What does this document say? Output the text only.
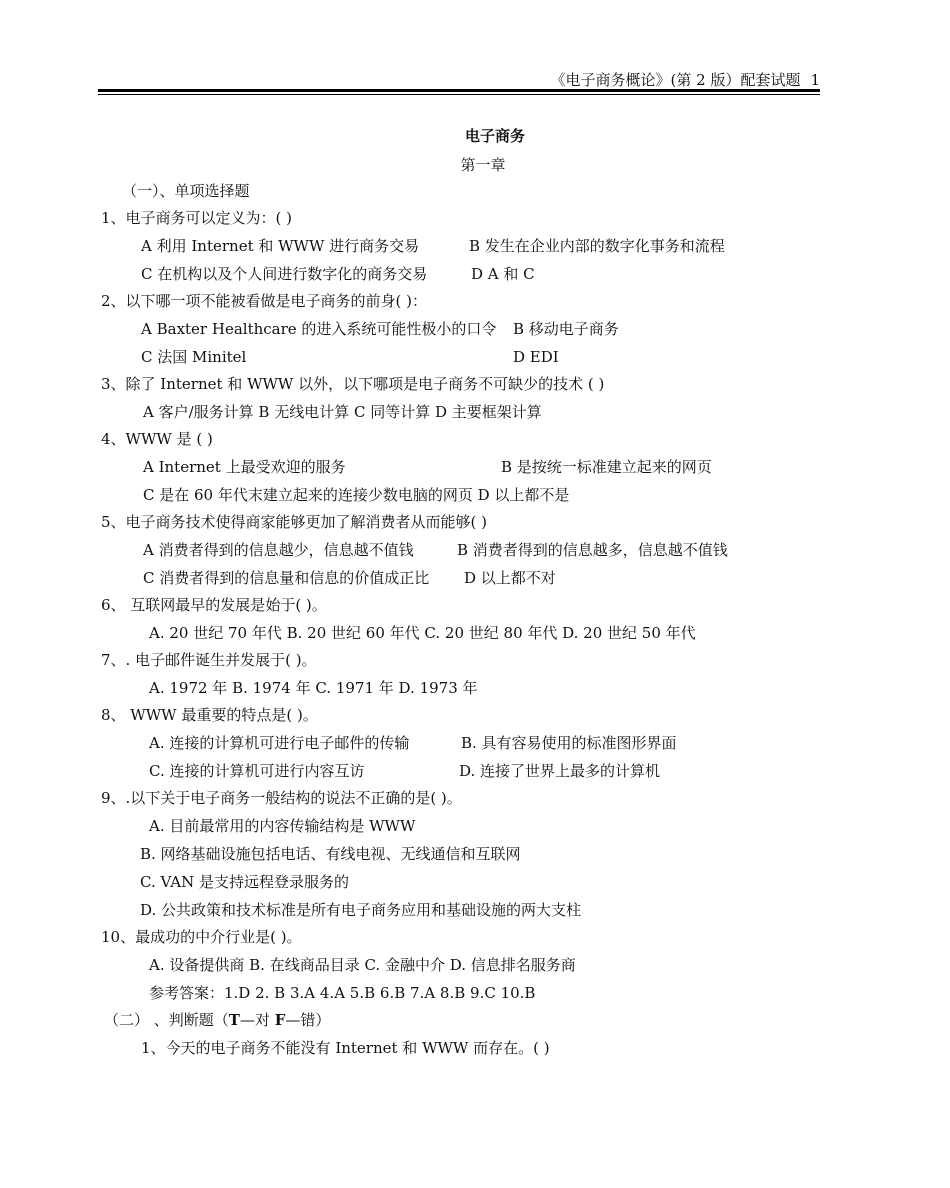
《电子商务概论》(第 2 版）配套试题 1
电子商务
第一章
（一）、单项选择题
1、电子商务可以定义为：( )
A 利用 Internet 和 WWW 进行商务交易	B 发生在企业内部的数字化事务和流程
C 在机构以及个人间进行数字化的商务交易	D A 和 C
2、以下哪一项不能被看做是电子商务的前身( )：
A Baxter Healthcare 的进入系统可能性极小的口令 B 移动电子商务
C 法国 Minitel	D EDI
3、除了 Internet 和 WWW 以外，以下哪项是电子商务不可缺少的技术 ( )
A 客户/服务计算 B 无线电计算 C 同等计算 D 主要框架计算
4、WWW 是 ( )
A Internet 上最受欢迎的服务	B 是按统一标准建立起来的网页
C 是在 60 年代末建立起来的连接少数电脑的网页 D 以上都不是
5、电子商务技术使得商家能够更加了解消费者从而能够( )
A 消费者得到的信息越少，信息越不值钱	B 消费者得到的信息越多，信息越不值钱
C 消费者得到的信息量和信息的价值成正比 D 以上都不对
6、 互联网最早的发展是始于( )。
A. 20 世纪 70 年代 B. 20 世纪 60 年代 C. 20 世纪 80 年代 D. 20 世纪 50 年代
7、. 电子邮件诞生并发展于( )。
A. 1972 年 B. 1974 年 C. 1971 年 D. 1973 年
8、 WWW 最重要的特点是( )。
A. 连接的计算机可进行电子邮件的传输	B. 具有容易使用的标准图形界面
C. 连接的计算机可进行内容互访	D. 连接了世界上最多的计算机
9、.以下关于电子商务一般结构的说法不正确的是( )。
A. 目前最常用的内容传输结构是 WWW
B. 网络基础设施包括电话、有线电视、无线通信和互联网
C. VAN 是支持远程登录服务的
D. 公共政策和技术标准是所有电子商务应用和基础设施的两大支柱
10、最成功的中介行业是( )。
A. 设备提供商 B. 在线商品目录 C. 金融中介 D. 信息排名服务商
参考答案：1.D 2. B 3.A 4.A 5.B 6.B 7.A 8.B 9.C 10.B
（二） 、判断题（T—对 F—错）
1、今天的电子商务不能没有 Internet 和 WWW 而存在。( )
